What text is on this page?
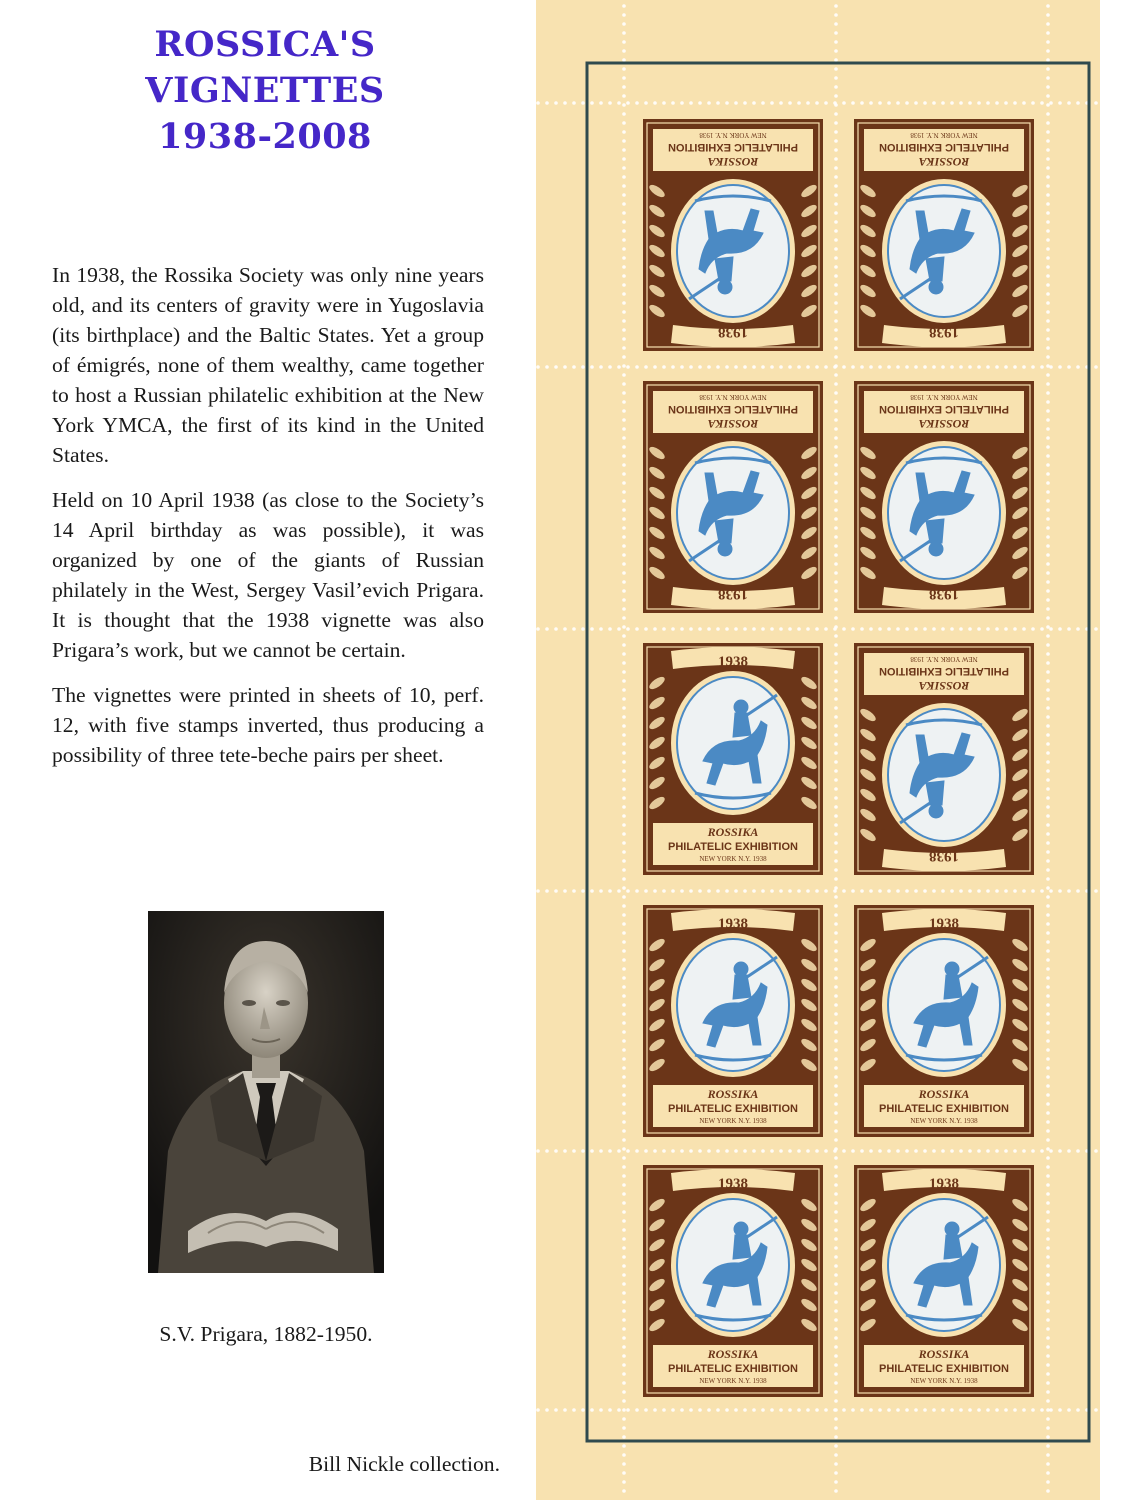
ROSSICA'S
VIGNETTES
1938-2008

In 1938, the Rossika Society was only nine years old, and its centers of gravity were in Yugoslavia (its birthplace) and the Baltic States. Yet a group of émigrés, none of them wealthy, came together to host a Russian philatelic exhibition at the New York YMCA, the first of its kind in the United States.

Held on 10 April 1938 (as close to the Society’s 14 April birthday as was possible), it was organized by one of the giants of Russian philately in the West, Sergey Vasil’evich Prigara. It is thought that the 1938 vignette was also Prigara’s work, but we cannot be certain.

The vignettes were printed in sheets of 10, perf. 12, with five stamps inverted, thus producing a possibility of three tete-beche pairs per sheet.

S.V. Prigara, 1882-1950.
Bill Nickle collection.
1938
ROSSIKA
PHILATELIC EXHIBITION
NEW YORK N.Y. 1938
1938
ROSSIKA
PHILATELIC EXHIBITION
NEW YORK N.Y. 1938
1938
ROSSIKA
PHILATELIC EXHIBITION
NEW YORK N.Y. 1938
1938
ROSSIKA
PHILATELIC EXHIBITION
NEW YORK N.Y. 1938
1938
ROSSIKA
PHILATELIC EXHIBITION
NEW YORK N.Y. 1938	1938
ROSSIKA
PHILATELIC EXHIBITION
NEW YORK N.Y. 1938
1938
ROSSIKA
PHILATELIC EXHIBITION
NEW YORK N.Y. 1938
1938
ROSSIKA
PHILATELIC EXHIBITION
NEW YORK N.Y. 1938
1938
ROSSIKA
PHILATELIC EXHIBITION
NEW YORK N.Y. 1938
1938
ROSSIKA
PHILATELIC EXHIBITION
NEW YORK N.Y. 1938
